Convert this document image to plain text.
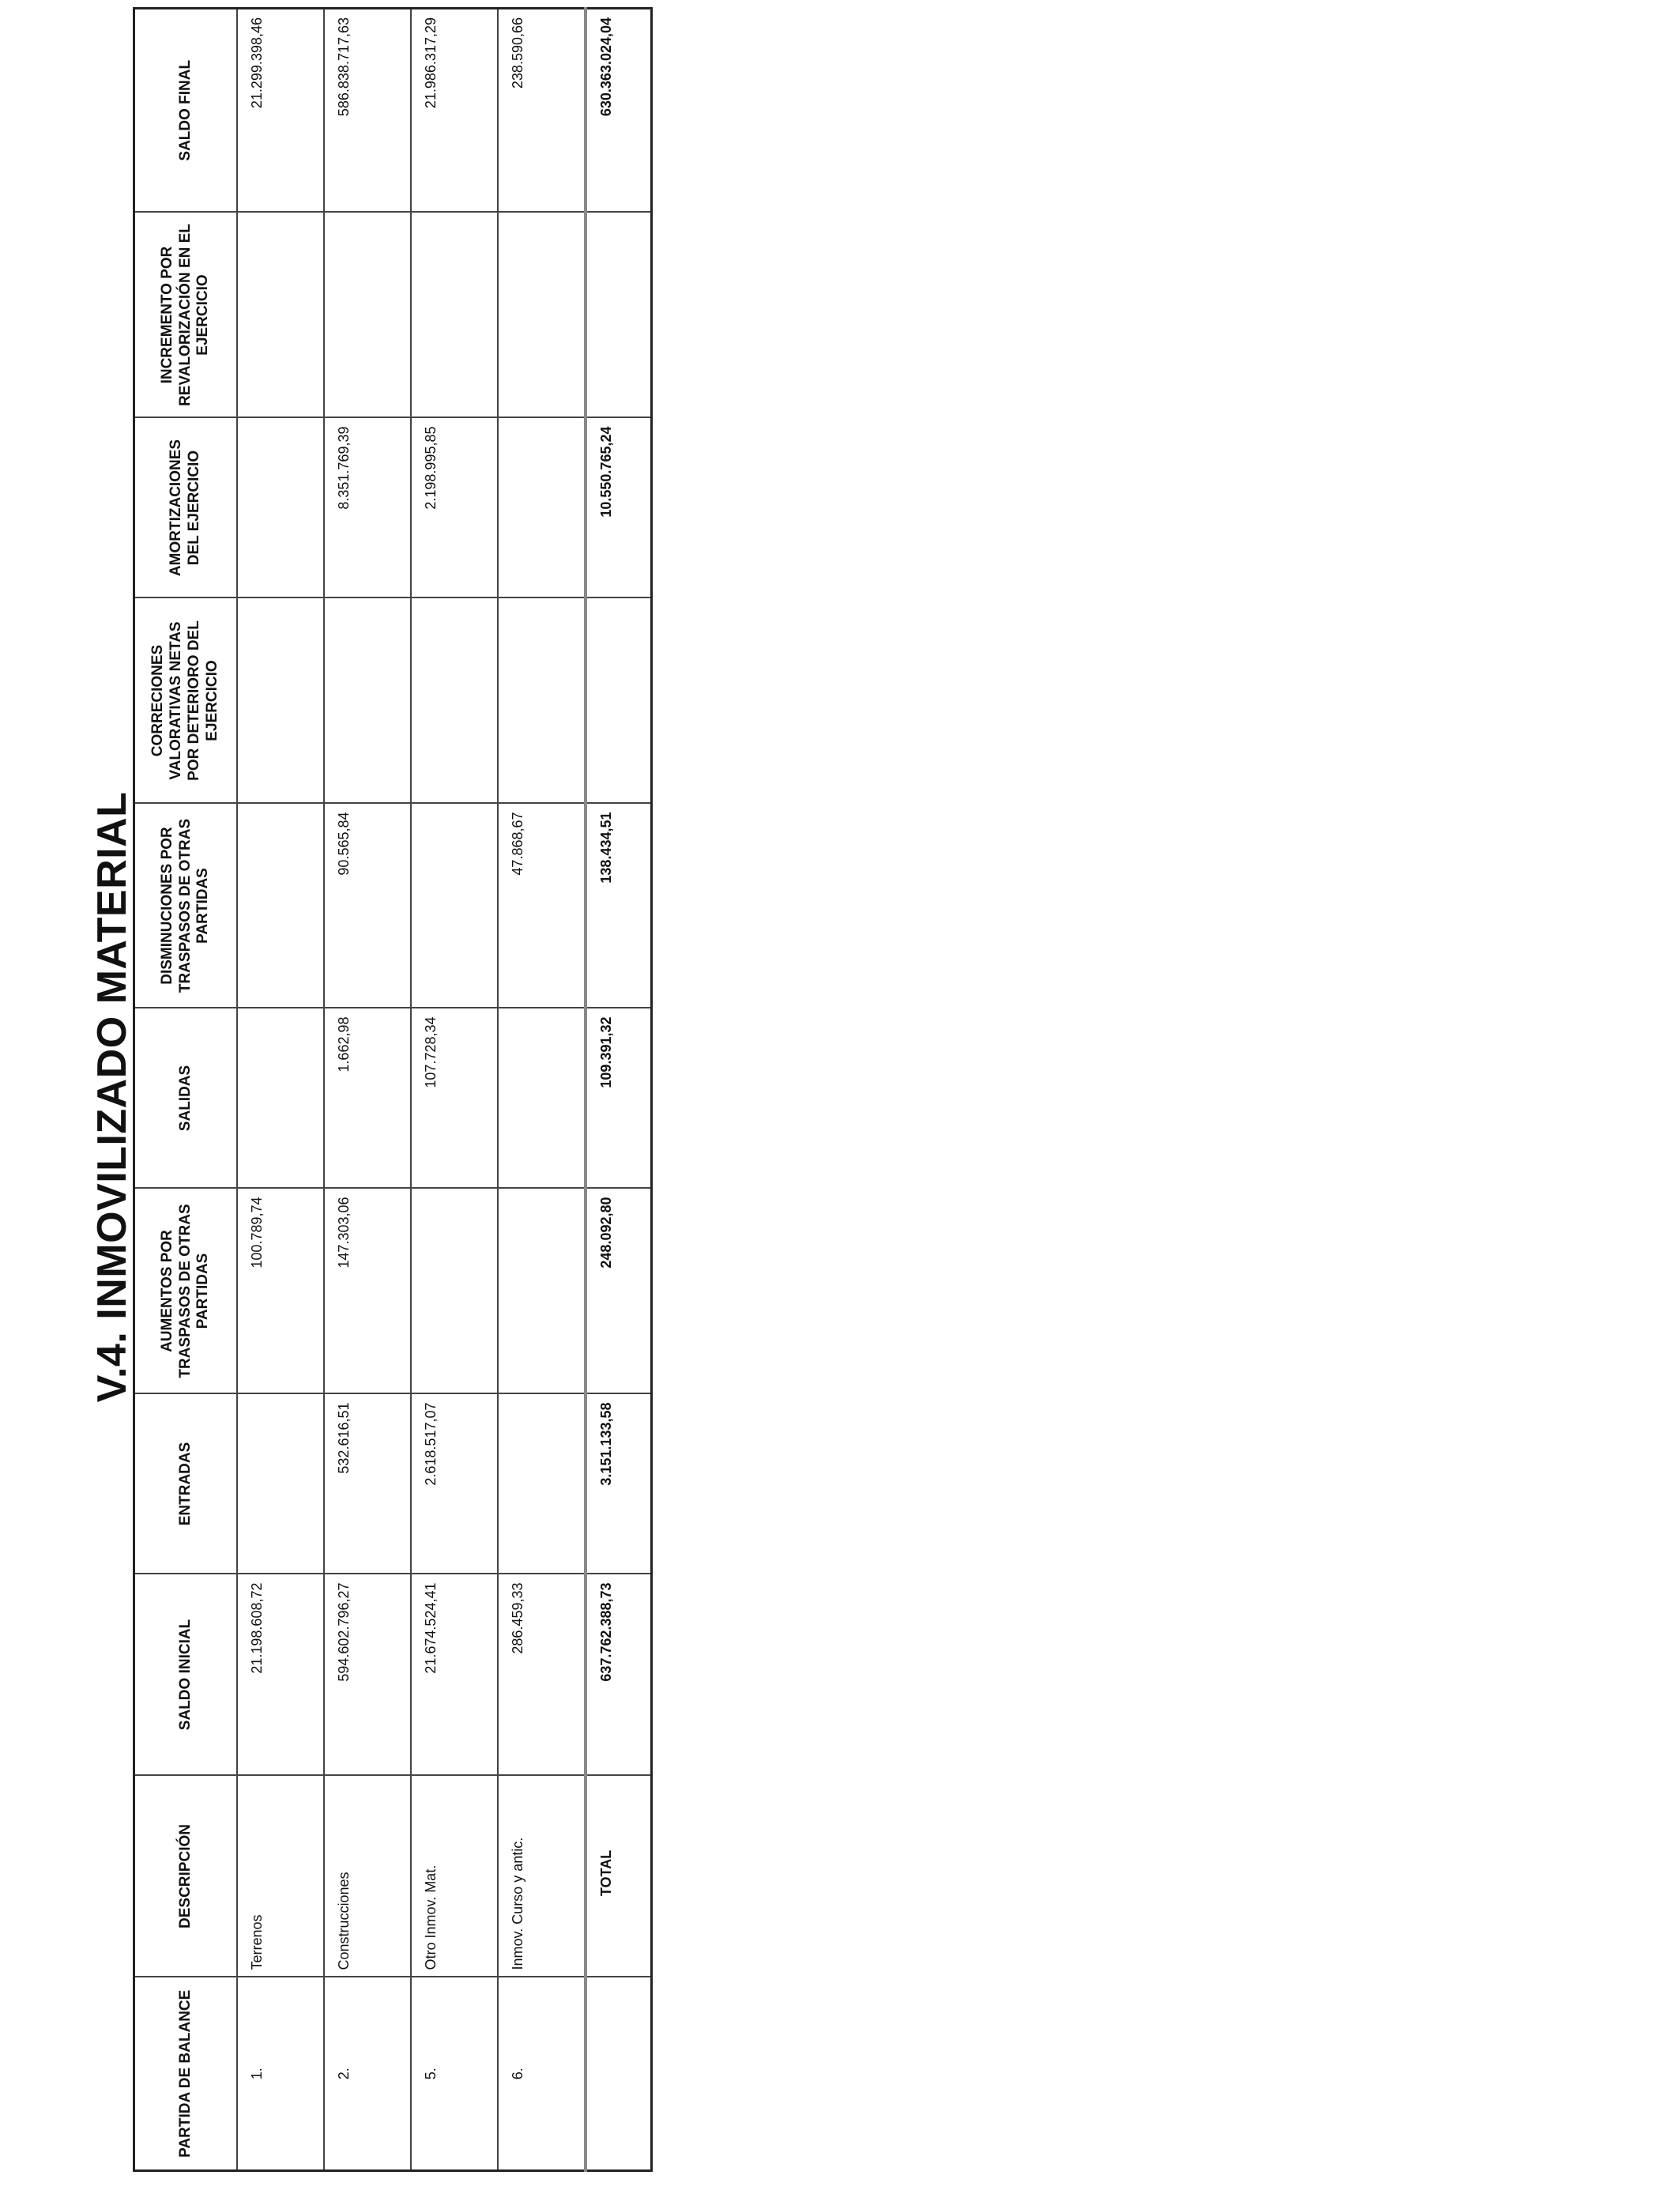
V.4. INMOVILIZADO MATERIAL
PARTIDA DE BALANCE	DESCRIPCIÓN	SALDO INICIAL	ENTRADAS	AUMENTOS POR TRASPASOS DE OTRAS PARTIDAS	SALIDAS	DISMINUCIONES POR TRASPASOS DE OTRAS PARTIDAS	CORRECIONES VALORATIVAS NETAS POR DETERIORO DEL EJERCICIO	AMORTIZACIONES DEL EJERCICIO	INCREMENTO POR REVALORIZACIÓN EN EL EJERCICIO	SALDO FINAL
1.	Terrenos	21.198.608,72		100.789,74						21.299.398,46
2.	Construcciones	594.602.796,27	532.616,51	147.303,06	1.662,98	90.565,84		8.351.769,39		586.838.717,63
5.	Otro Inmov. Mat.	21.674.524,41	2.618.517,07		107.728,34			2.198.995,85		21.986.317,29
6.	Inmov. Curso y antic.	286.459,33				47.868,67				238.590,66
	TOTAL	637.762.388,73	3.151.133,58	248.092,80	109.391,32	138.434,51		10.550.765,24		630.363.024,04
